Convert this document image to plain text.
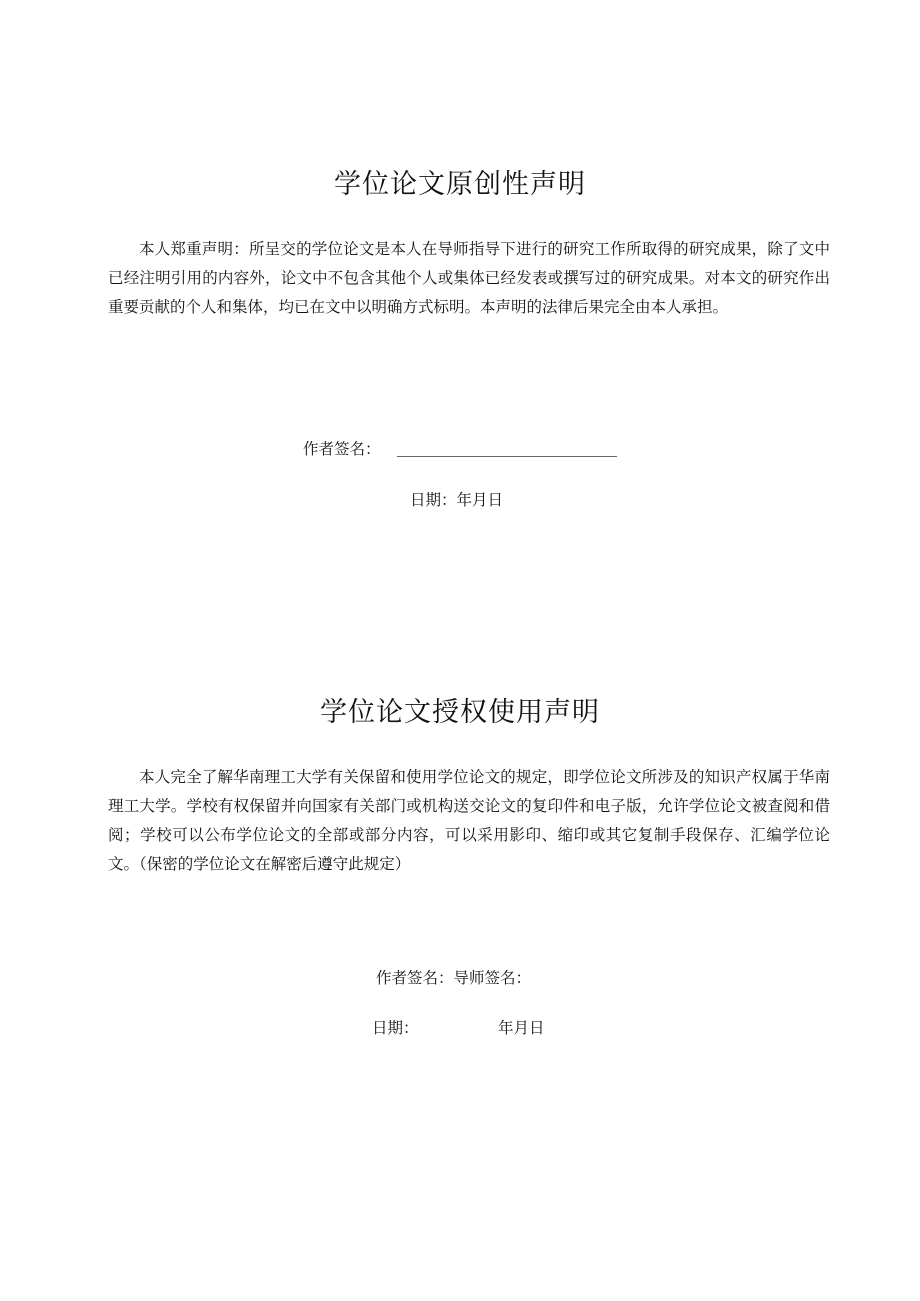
学位论文原创性声明

本人郑重声明：所呈交的学位论文是本人在导师指导下进行的研究工作所取得的研究成果，除了文中已经注明引用的内容外，论文中不包含其他个人或集体已经发表或撰写过的研究成果。对本文的研究作出重要贡献的个人和集体，均已在文中以明确方式标明。本声明的法律后果完全由本人承担。

作者签名：
日期：年月日
学位论文授权使用声明

本人完全了解华南理工大学有关保留和使用学位论文的规定，即学位论文所涉及的知识产权属于华南理工大学。学校有权保留并向国家有关部门或机构送交论文的复印件和电子版，允许学位论文被查阅和借阅；学校可以公布学位论文的全部或部分内容，可以采用影印、缩印或其它复制手段保存、汇编学位论文。（保密的学位论文在解密后遵守此规定）

作者签名：导师签名：
日期：	年月日
